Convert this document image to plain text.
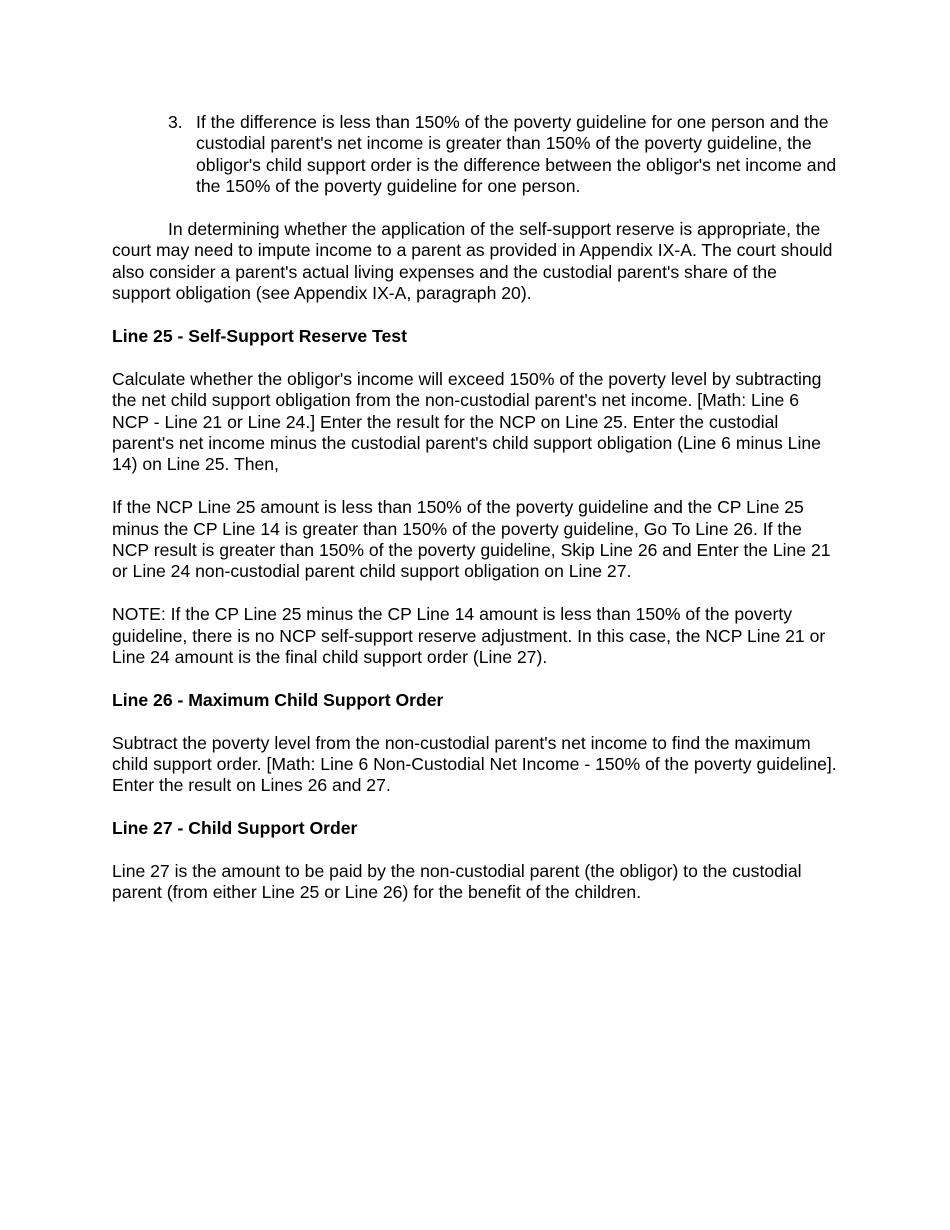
3. If the difference is less than 150% of the poverty guideline for one person and the custodial parent's net income is greater than 150% of the poverty guideline, the obligor's child support order is the difference between the obligor's net income and the 150% of the poverty guideline for one person.

In determining whether the application of the self-support reserve is appropriate, the court may need to impute income to a parent as provided in Appendix IX-A. The court should also consider a parent's actual living expenses and the custodial parent's share of the support obligation (see Appendix IX-A, paragraph 20).

Line 25 - Self-Support Reserve Test

Calculate whether the obligor's income will exceed 150% of the poverty level by subtracting the net child support obligation from the non-custodial parent's net income. [Math: Line 6 NCP - Line 21 or Line 24.] Enter the result for the NCP on Line 25. Enter the custodial parent's net income minus the custodial parent's child support obligation (Line 6 minus Line 14) on Line 25. Then,

If the NCP Line 25 amount is less than 150% of the poverty guideline and the CP Line 25 minus the CP Line 14 is greater than 150% of the poverty guideline, Go To Line 26. If the NCP result is greater than 150% of the poverty guideline, Skip Line 26 and Enter the Line 21 or Line 24 non-custodial parent child support obligation on Line 27.

NOTE: If the CP Line 25 minus the CP Line 14 amount is less than 150% of the poverty guideline, there is no NCP self-support reserve adjustment. In this case, the NCP Line 21 or Line 24 amount is the final child support order (Line 27).

Line 26 - Maximum Child Support Order

Subtract the poverty level from the non-custodial parent's net income to find the maximum child support order. [Math: Line 6 Non-Custodial Net Income - 150% of the poverty guideline]. Enter the result on Lines 26 and 27.

Line 27 - Child Support Order

Line 27 is the amount to be paid by the non-custodial parent (the obligor) to the custodial parent (from either Line 25 or Line 26) for the benefit of the children.
